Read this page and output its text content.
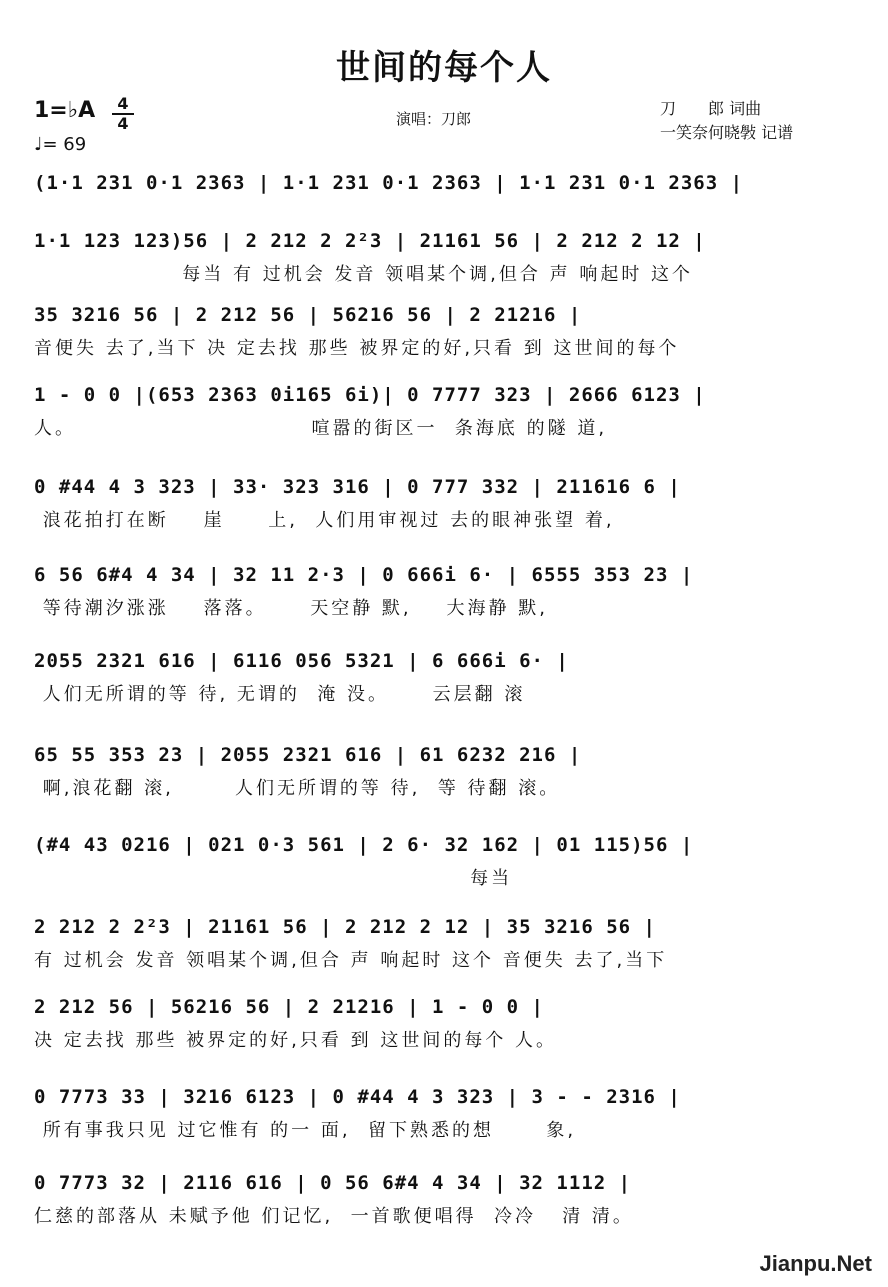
世间的每个人
1=♭A	4
4
♩= 69
演唱：刀郎
刀　　郎 词曲
一笑奈何晓斅 记谱
(1·1 231 0·1 2363 | 1·1 231 0·1 2363 | 1·1 231 0·1 2363 |
1·1 123 123)56 | 2 212 2 2²3 | 21161 56 | 2 212 2 12 |
每当 有 过机会 发音 领唱某个调,但合 声 响起时 这个
35 3216 56 | 2 212 56 | 56216 56 | 2 21216 |
音便失 去了,当下 决 定去找 那些 被界定的好,只看 到 这世间的每个
1 - 0 0 |(653 2363 0i165 6i)| 0 7777 323 | 2666 6123 |
人。                           喧嚣的街区一  条海底 的隧 道,
0 #44 4 3 323 | 33· 323 316 | 0 777 332 | 211616 6 |
浪花拍打在断    崖     上,  人们用审视过 去的眼神张望 着,
6 56 6#4 4 34 | 32 11 2·3 | 0 666i 6· | 6555 353 23 |
等待潮汐涨涨    落落。     天空静 默,    大海静 默,
2055 2321 616 | 6116 056 5321 | 6 666i 6· |
人们无所谓的等 待, 无谓的  淹 没。     云层翻 滚
65 55 353 23 | 2055 2321 616 | 61 6232 216 |
啊,浪花翻 滚,       人们无所谓的等 待,  等 待翻 滚。
(#4 43 0216 | 021 0·3 561 | 2 6· 32 162 | 01 115)56 |
每当
2 212 2 2²3 | 21161 56 | 2 212 2 12 | 35 3216 56 |
有 过机会 发音 领唱某个调,但合 声 响起时 这个 音便失 去了,当下
2 212 56 | 56216 56 | 2 21216 | 1 - 0 0 |
决 定去找 那些 被界定的好,只看 到 这世间的每个 人。
0 7773 33 | 3216 6123 | 0 #44 4 3 323 | 3 - - 2316 |
所有事我只见 过它惟有 的一 面,  留下熟悉的想      象,
0 7773 32 | 2116 616 | 0 56 6#4 4 34 | 32 1112 |
仁慈的部落从 未赋予他 们记忆,  一首歌便唱得  冷冷   清 清。
Jianpu.Net
